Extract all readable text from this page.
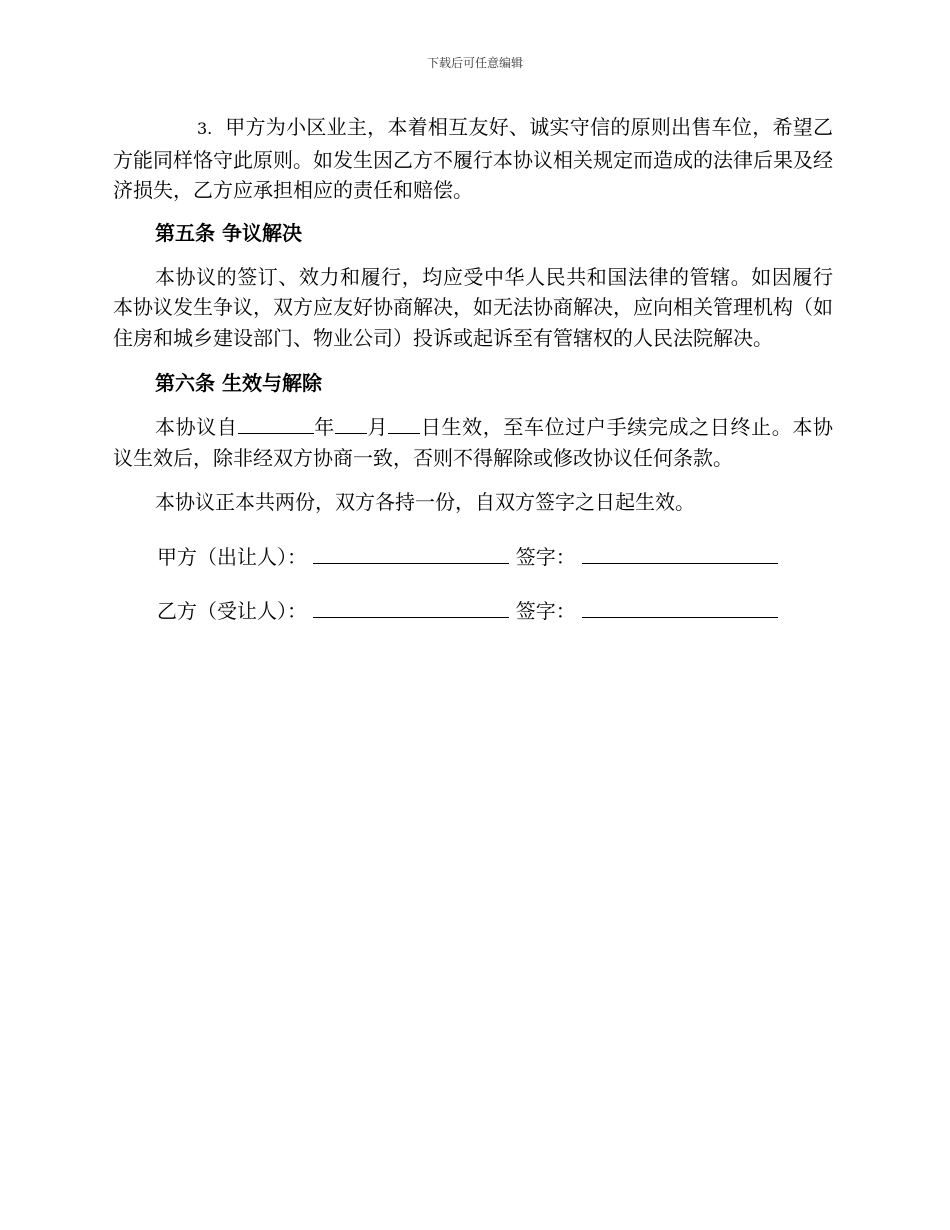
下载后可任意编辑

3. 甲方为小区业主，本着相互友好、诚实守信的原则出售车位，希望乙方能同样恪守此原则。如发生因乙方不履行本协议相关规定而造成的法律后果及经济损失，乙方应承担相应的责任和赔偿。

第五条 争议解决

本协议的签订、效力和履行，均应受中华人民共和国法律的管辖。如因履行本协议发生争议，双方应友好协商解决，如无法协商解决，应向相关管理机构（如住房和城乡建设部门、物业公司）投诉或起诉至有管辖权的人民法院解决。

第六条 生效与解除

本协议自	年 月 日生效，至车位过户手续完成之日终止。本协议生效后，除非经双方协商一致，否则不得解除或修改协议任何条款。

本协议正本共两份，双方各持一份，自双方签字之日起生效。

甲方（出让人）：	签字：

乙方（受让人）：	签字：
